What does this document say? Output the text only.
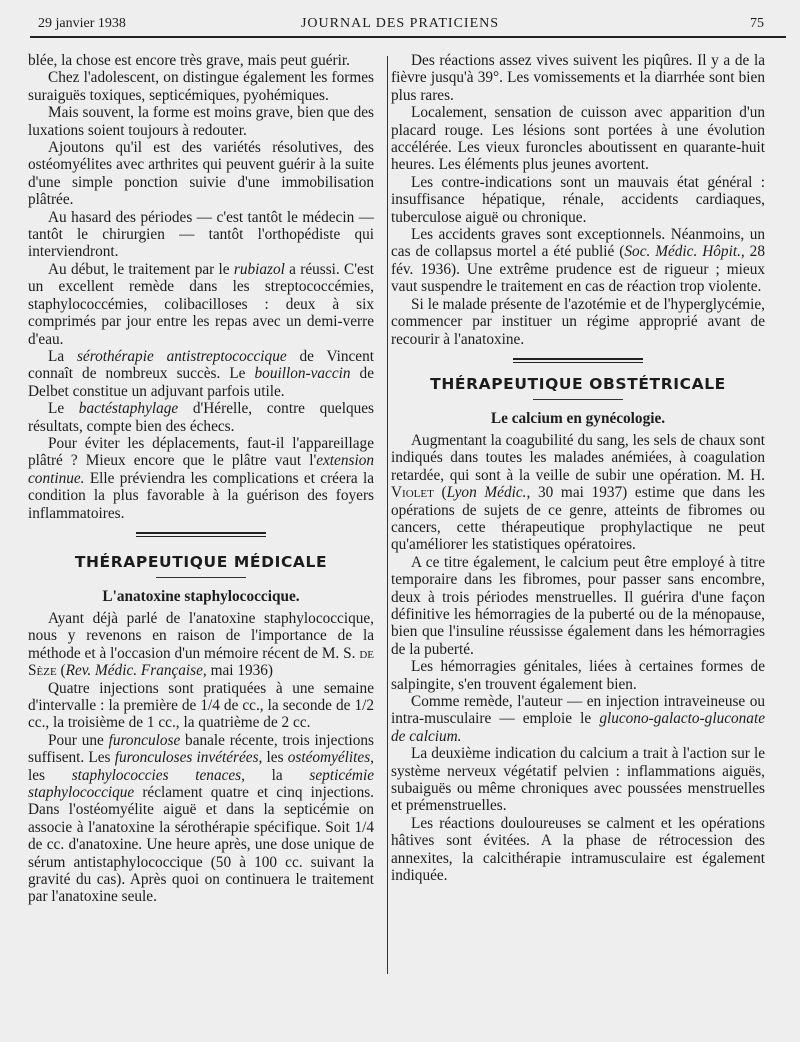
29 janvier 1938	JOURNAL DES PRATICIENS	75

blée, la chose est encore très grave, mais peut guérir.

Chez l'adolescent, on distingue également les formes suraiguës toxiques, septicémiques, pyohémiques.

Mais souvent, la forme est moins grave, bien que des luxations soient toujours à redouter.

Ajoutons qu'il est des variétés résolutives, des ostéomyélites avec arthrites qui peuvent guérir à la suite d'une simple ponction suivie d'une immobilisation plâtrée.

Au hasard des périodes — c'est tantôt le médecin — tantôt le chirurgien — tantôt l'orthopédiste qui interviendront.

Au début, le traitement par le rubiazol a réussi. C'est un excellent remède dans les streptococcémies, staphylococcémies, colibacilloses : deux à six comprimés par jour entre les repas avec un demi-verre d'eau.

La sérothérapie antistreptococcique de Vincent connaît de nombreux succès. Le bouillon-vaccin de Delbet constitue un adjuvant parfois utile.

Le bactéstaphylage d'Hérelle, contre quelques résultats, compte bien des échecs.

Pour éviter les déplacements, faut-il l'appareillage plâtré ? Mieux encore que le plâtre vaut l'extension continue. Elle préviendra les complications et créera la condition la plus favorable à la guérison des foyers inflammatoires.

THÉRAPEUTIQUE MÉDICALE
L'anatoxine staphylococcique.

Ayant déjà parlé de l'anatoxine staphylococcique, nous y revenons en raison de l'importance de la méthode et à l'occasion d'un mémoire récent de M. S. de Sèze (Rev. Médic. Française, mai 1936)

Quatre injections sont pratiquées à une semaine d'intervalle : la première de 1/4 de cc., la seconde de 1/2 cc., la troisième de 1 cc., la quatrième de 2 cc.

Pour une furonculose banale récente, trois injections suffisent. Les furonculoses invétérées, les ostéomyélites, les staphylococcies tenaces, la septicémie staphylococcique réclament quatre et cinq injections. Dans l'ostéomyélite aiguë et dans la septicémie on associe à l'anatoxine la sérothérapie spécifique. Soit 1/4 de cc. d'anatoxine. Une heure après, une dose unique de sérum antistaphylococcique (50 à 100 cc. suivant la gravité du cas). Après quoi on continuera le traitement par l'anatoxine seule.

Des réactions assez vives suivent les piqûres. Il y a de la fièvre jusqu'à 39°. Les vomissements et la diarrhée sont bien plus rares.

Localement, sensation de cuisson avec apparition d'un placard rouge. Les lésions sont portées à une évolution accélérée. Les vieux furoncles aboutissent en quarante-huit heures. Les éléments plus jeunes avortent.

Les contre-indications sont un mauvais état général : insuffisance hépatique, rénale, accidents cardiaques, tuberculose aiguë ou chronique.

Les accidents graves sont exceptionnels. Néanmoins, un cas de collapsus mortel a été publié (Soc. Médic. Hôpit., 28 fév. 1936). Une extrême prudence est de rigueur ; mieux vaut suspendre le traitement en cas de réaction trop violente.

Si le malade présente de l'azotémie et de l'hyperglycémie, commencer par instituer un régime approprié avant de recourir à l'anatoxine.

THÉRAPEUTIQUE OBSTÉTRICALE
Le calcium en gynécologie.

Augmentant la coagubilité du sang, les sels de chaux sont indiqués dans toutes les malades anémiées, à coagulation retardée, qui sont à la veille de subir une opération. M. H. Violet (Lyon Médic., 30 mai 1937) estime que dans les opérations de sujets de ce genre, atteints de fibromes ou cancers, cette thérapeutique prophylactique ne peut qu'améliorer les statistiques opératoires.

A ce titre également, le calcium peut être employé à titre temporaire dans les fibromes, pour passer sans encombre, deux à trois périodes menstruelles. Il guérira d'une façon définitive les hémorragies de la puberté ou de la ménopause, bien que l'insuline réussisse également dans les hémorragies de la puberté.

Les hémorragies génitales, liées à certaines formes de salpingite, s'en trouvent également bien.

Comme remède, l'auteur — en injection intraveineuse ou intra-musculaire — emploie le glucono-galacto-gluconate de calcium.

La deuxième indication du calcium a trait à l'action sur le système nerveux végétatif pelvien : inflammations aiguës, subaiguës ou même chroniques avec poussées menstruelles et prémenstruelles.

Les réactions douloureuses se calment et les opérations hâtives sont évitées. A la phase de rétrocession des annexites, la calcithérapie intramusculaire est également indiquée.
